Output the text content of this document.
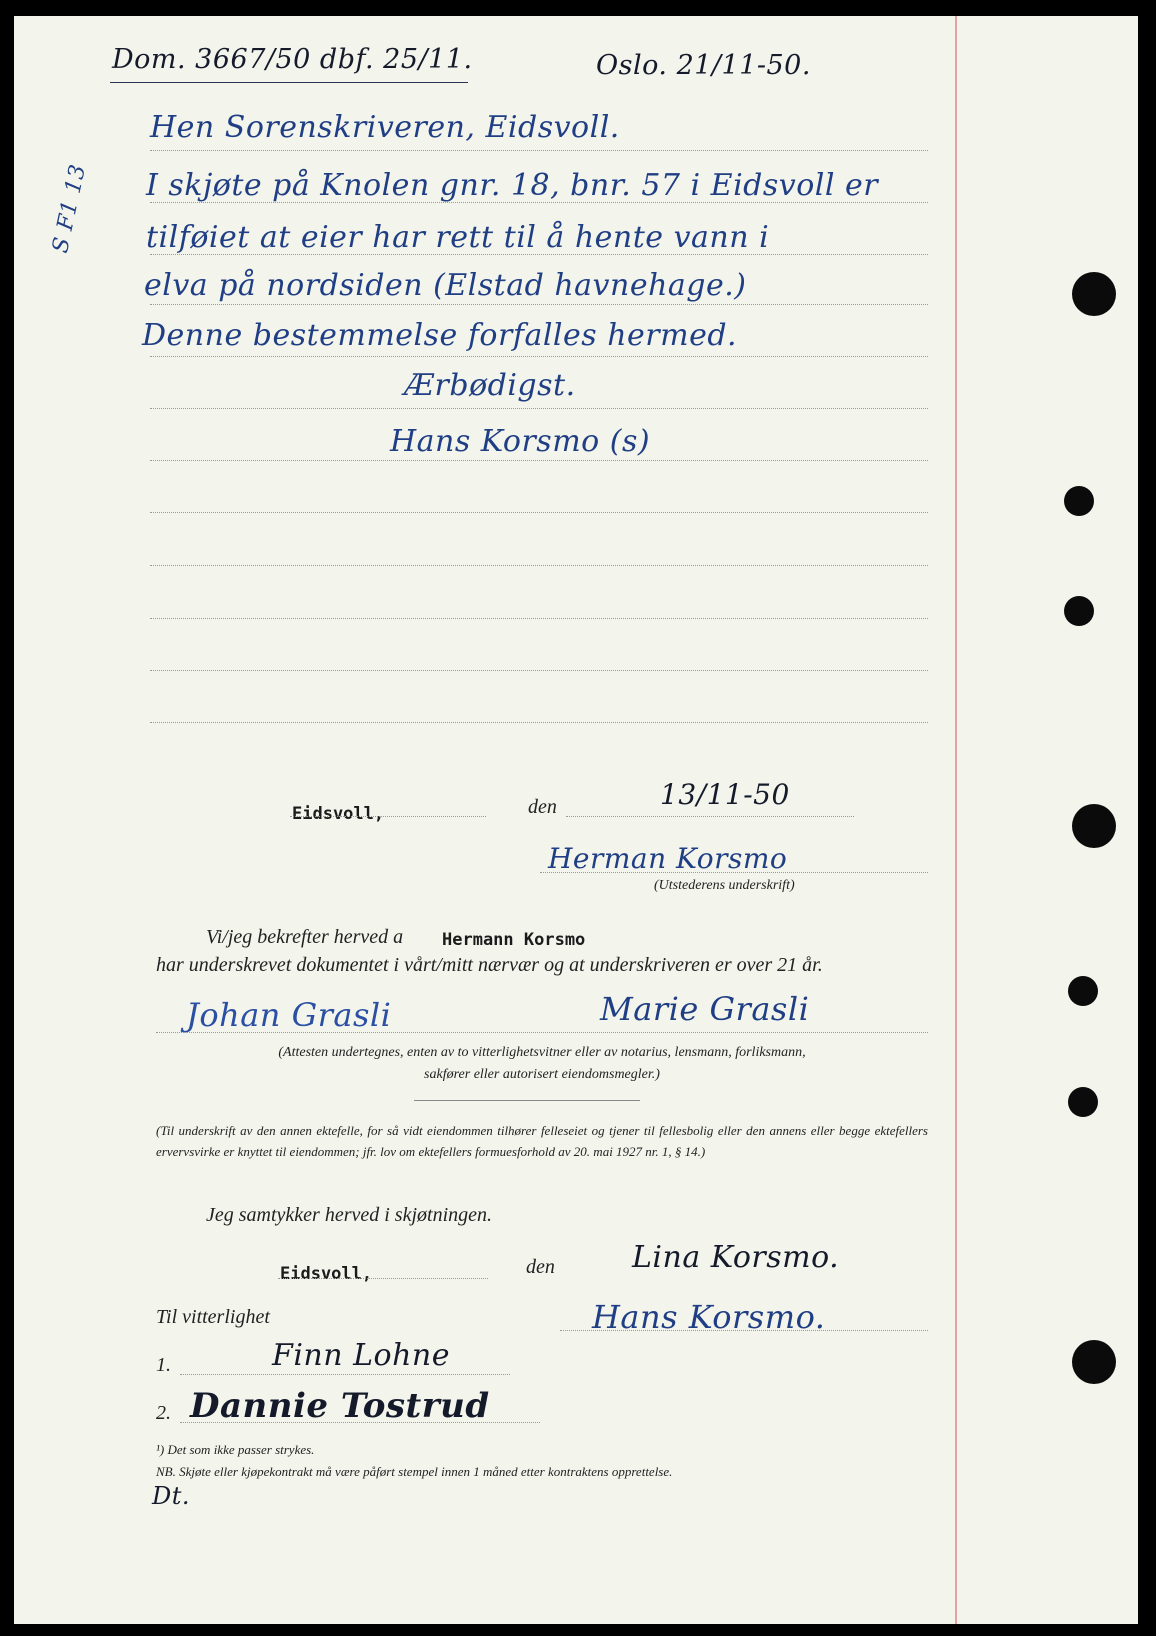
Dom. 3667/50 dbf. 25/11.	Oslo. 21/11-50.
S F1 13
Hen Sorenskriveren, Eidsvoll.
I skjøte på Knolen gnr. 18, bnr. 57 i Eidsvoll er
tilføiet at eier har rett til å hente vann i
elva på nordsiden (Elstad havnehage.)
Denne bestemmelse forfalles hermed.
Ærbødigst.
Hans Korsmo (s)
Eidsvoll,	den	13/11-50
Herman Korsmo
(Utstederens underskrift)
Vi/jeg bekrefter herved a Hermann Korsmo
har underskrevet dokumentet i vårt/mitt nærvær og at underskriveren er over 21 år.
Johan Grasli	Marie Grasli
(Attesten undertegnes, enten av to vitterlighetsvitner eller av notarius, lensmann, forliksmann, sakfører eller autorisert eiendomsmegler.)
(Til underskrift av den annen ektefelle, for så vidt eiendommen tilhører felleseiet og tjener til fellesbolig eller den annens eller begge ektefellers ervervsvirke er knyttet til eiendommen; jfr. lov om ektefellers formuesforhold av 20. mai 1927 nr. 1, § 14.)
Jeg samtykker herved i skjøtningen.
Eidsvoll,	den	Lina Korsmo.
Hans Korsmo.
Til vitterlighet
1.	Finn Lohne
2. Dannie Tostrud
¹) Det som ikke passer strykes.
NB. Skjøte eller kjøpekontrakt må være påført stempel innen 1 måned etter kontraktens opprettelse.
Dt.
